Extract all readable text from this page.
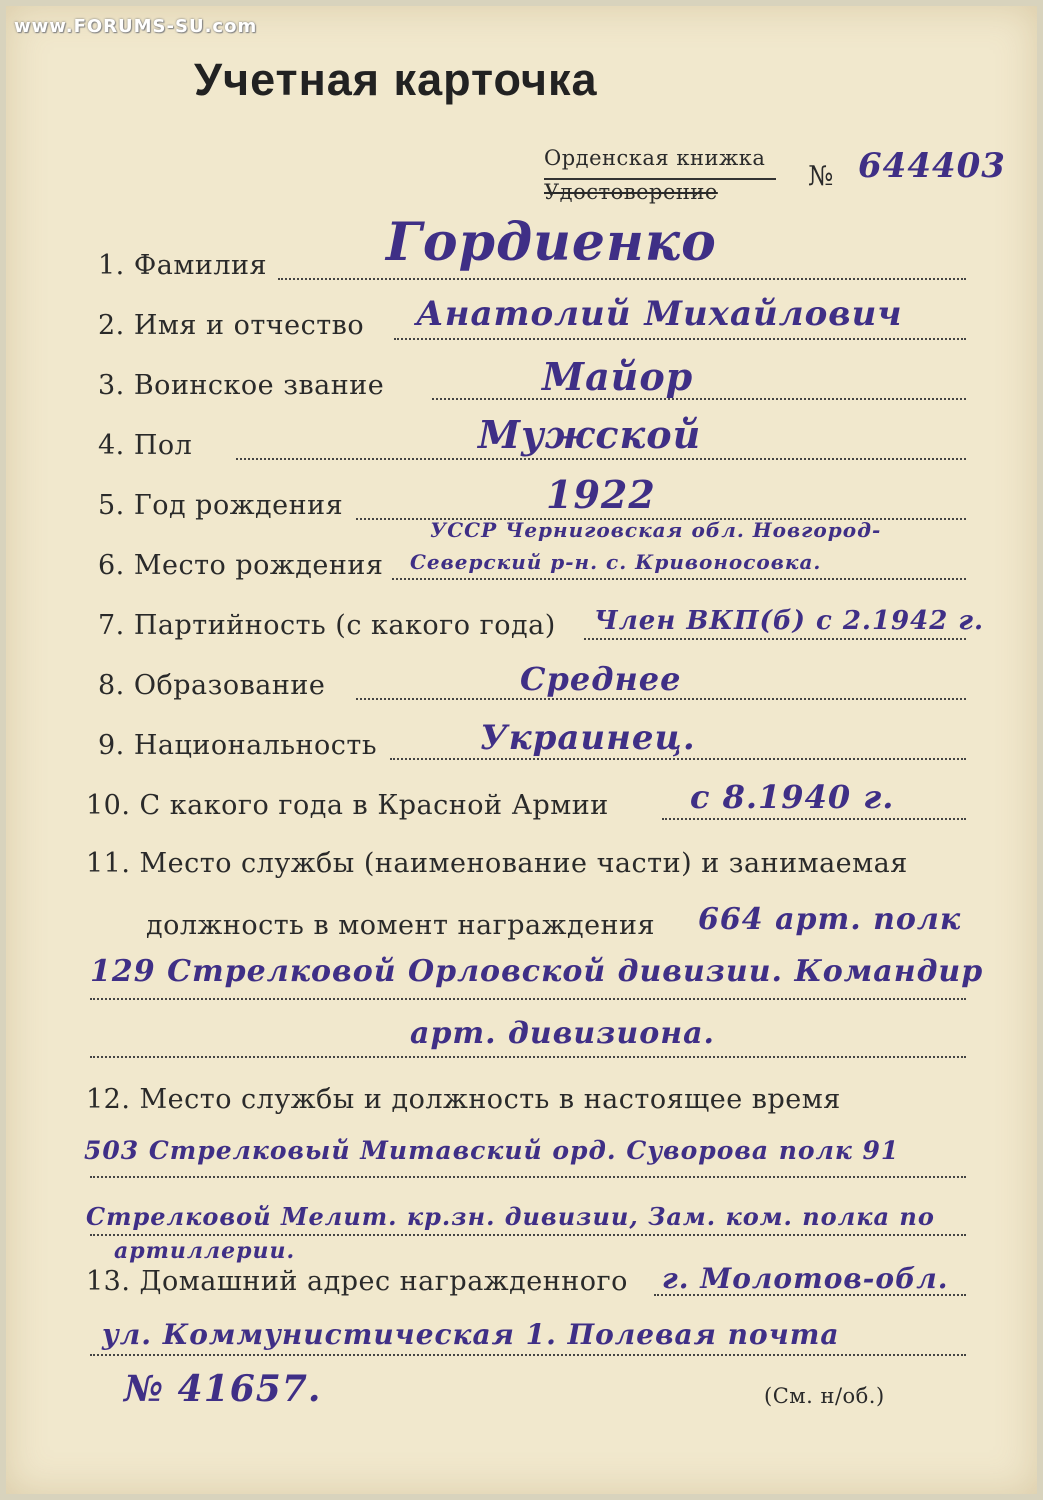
www.FORUMS-SU.com
Учетная карточка
Орденская книжка
Удостоверение	№ 644403
1. Фамилия Гордиенко
2. Имя и отчество Анатолий Михайлович
3. Воинское звание	Майор
4. Пол	Мужской
5. Год рождения	1922
6. Место рождения
УССР Черниговская обл. Новгород-
Северский р-н. с. Кривоносовка.
7. Партийность (с какого года) Член ВКП(б) с 2.1942 г.
8. Образование	Среднее
9. Национальность	Украинец.
10. С какого года в Красной Армии	с 8.1940 г.
11. Место службы (наименование части) и занимаемая
должность в момент награждения 664 арт. полк
129 Стрелковой Орловской дивизии. Командир
арт. дивизиона.
12. Место службы и должность в настоящее время
503 Стрелковый Митавский орд. Суворова полк 91
Стрелковой Мелит. кр.зн. дивизии, Зам. ком. полка по
артиллерии.
13. Домашний адрес награжденного г. Молотов-обл.
ул. Коммунистическая 1. Полевая почта
№ 41657.	(См. н/об.)
